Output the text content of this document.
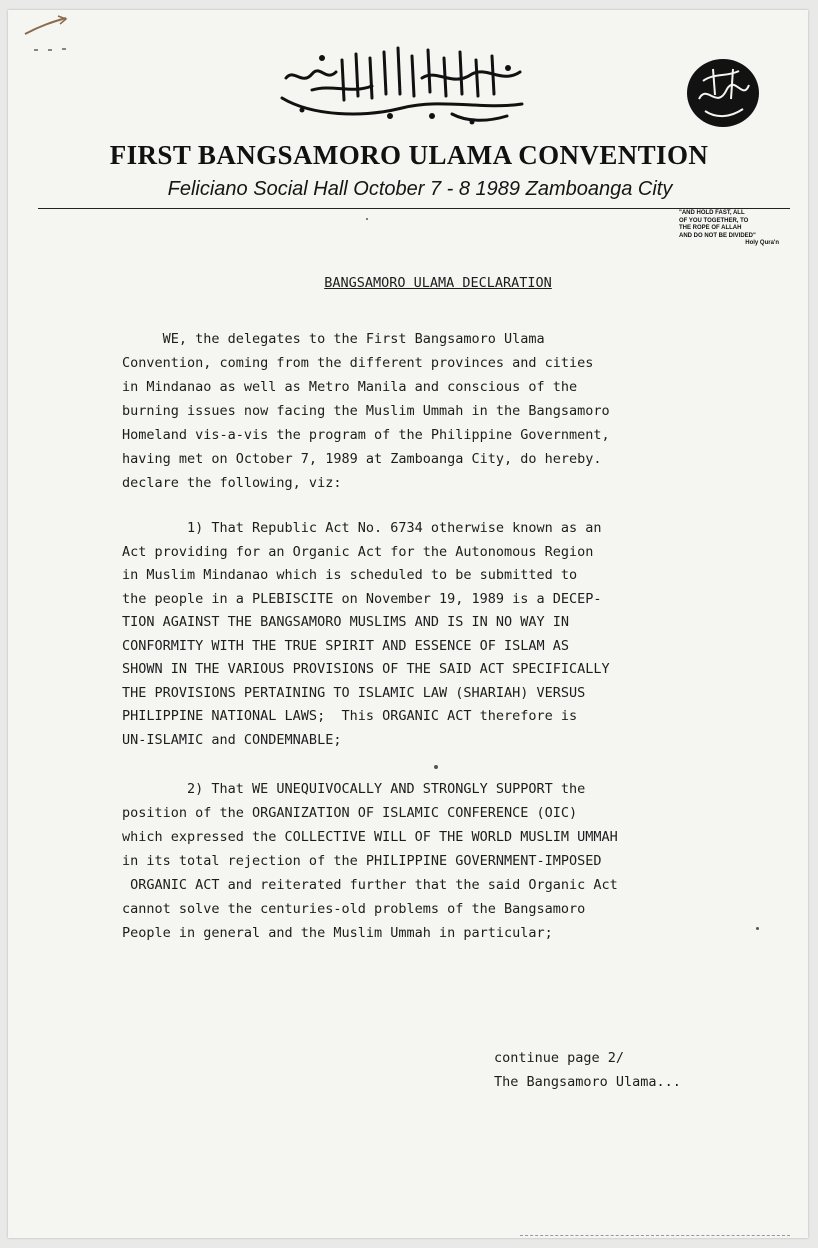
FIRST BANGSAMORO ULAMA CONVENTION
Feliciano Social Hall October 7 - 8 1989 Zamboanga City
"AND HOLD FAST, ALL
OF YOU TOGETHER, TO
THE ROPE OF ALLAH
AND DO NOT BE DIVIDED"
Holy Qura'n
BANGSAMORO ULAMA DECLARATION
WE, the delegates to the First Bangsamoro Ulama
Convention, coming from the different provinces and cities
in Mindanao as well as Metro Manila and conscious of the
burning issues now facing the Muslim Ummah in the Bangsamoro
Homeland vis-a-vis the program of the Philippine Government,
having met on October 7, 1989 at Zamboanga City, do hereby.
declare the following, viz:
1) That Republic Act No. 6734 otherwise known as an
Act providing for an Organic Act for the Autonomous Region
in Muslim Mindanao which is scheduled to be submitted to
the people in a PLEBISCITE on November 19, 1989 is a DECEP-
TION AGAINST THE BANGSAMORO MUSLIMS AND IS IN NO WAY IN
CONFORMITY WITH THE TRUE SPIRIT AND ESSENCE OF ISLAM AS
SHOWN IN THE VARIOUS PROVISIONS OF THE SAID ACT SPECIFICALLY
THE PROVISIONS PERTAINING TO ISLAMIC LAW (SHARIAH) VERSUS
PHILIPPINE NATIONAL LAWS;  This ORGANIC ACT therefore is
UN-ISLAMIC and CONDEMNABLE;
2) That WE UNEQUIVOCALLY AND STRONGLY SUPPORT the
position of the ORGANIZATION OF ISLAMIC CONFERENCE (OIC)
which expressed the COLLECTIVE WILL OF THE WORLD MUSLIM UMMAH
in its total rejection of the PHILIPPINE GOVERNMENT-IMPOSED
ORGANIC ACT and reiterated further that the said Organic Act
cannot solve the centuries-old problems of the Bangsamoro
People in general and the Muslim Ummah in particular;
continue page 2/
The Bangsamoro Ulama...
